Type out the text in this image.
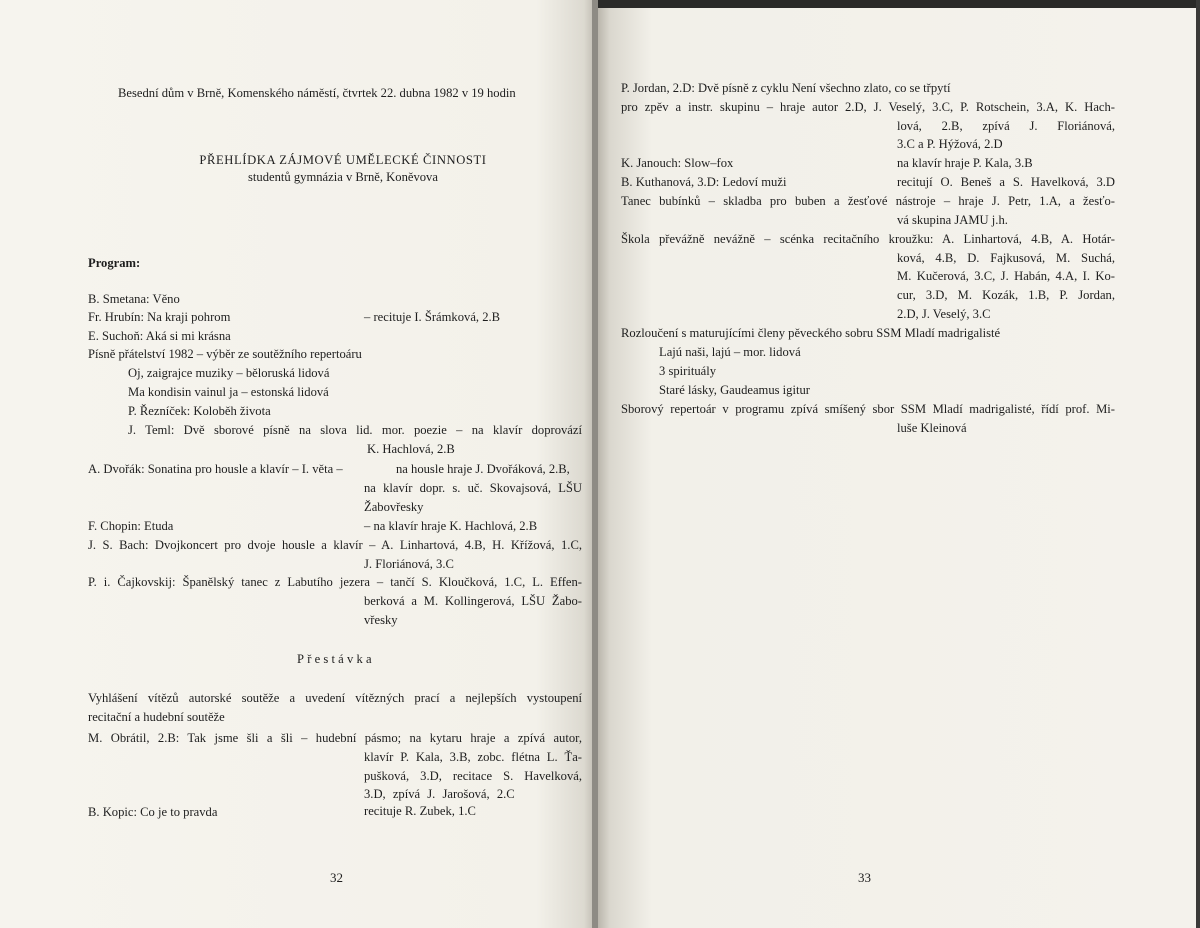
Besední dům v Brně, Komenského náměstí, čtvrtek 22. dubna 1982 v 19 hodin
PŘEHLÍDKA ZÁJMOVÉ UMĚLECKÉ ČINNOSTI
studentů gymnázia v Brně, Koněvova
Program:
B. Smetana: Věno
Fr. Hrubín: Na kraji pohrom	– recituje I. Šrámková, 2.B
E. Suchoň: Aká si mi krásna
Písně přátelství 1982 – výběr ze soutěžního repertoáru
Oj, zaigrajce muziky – běloruská lidová
Ma kondisin vainul ja – estonská lidová
P. Řezníček: Koloběh života
J. Teml: Dvě sborové písně na slova lid. mor. poezie – na klavír doprovází
K. Hachlová, 2.B
A. Dvořák: Sonatina pro housle a klavír – I. věta –	na housle hraje J. Dvořáková, 2.B,
na klavír dopr. s. uč. Skovajsová, LŠU
Žabovřesky
F. Chopin: Etuda	– na klavír hraje K. Hachlová, 2.B
J. S. Bach: Dvojkoncert pro dvoje housle a klavír – A. Linhartová, 4.B, H. Křížová, 1.C,
J. Floriánová, 3.C
P. i. Čajkovskij: Španělský tanec z Labutího jezera – tančí S. Kloučková, 1.C, L. Effen-
berková a M. Kollingerová, LŠU Žabo-
vřesky
Přestávka
Vyhlášení vítězů autorské soutěže a uvedení vítězných prací a nejlepších vystoupení
recitační a hudební soutěže
M. Obrátil, 2.B: Tak jsme šli a šli – hudební pásmo; na kytaru hraje a zpívá autor,
klavír P. Kala, 3.B, zobc. flétna L. Ťa-
pušková, 3.D, recitace S. Havelková,
3.D, zpívá J. Jarošová, 2.C
B. Kopic: Co je to pravda	recituje R. Zubek, 1.C
32
P. Jordan, 2.D: Dvě písně z cyklu Není všechno zlato, co se třpytí
pro zpěv a instr. skupinu – hraje autor 2.D, J. Veselý, 3.C, P. Rotschein, 3.A, K. Hach-
lová, 2.B, zpívá J. Floriánová,
3.C a P. Hýžová, 2.D
K. Janouch: Slow–fox	na klavír hraje P. Kala, 3.B
B. Kuthanová, 3.D: Ledoví muži	recitují O. Beneš a S. Havelková, 3.D
Tanec bubínků – skladba pro buben a žesťové nástroje – hraje J. Petr, 1.A, a žesťo-
vá skupina JAMU j.h.
Škola převážně nevážně – scénka recitačního kroužku: A. Linhartová, 4.B, A. Hotár-
ková, 4.B, D. Fajkusová, M. Suchá,
M. Kučerová, 3.C, J. Habán, 4.A, I. Ko-
cur, 3.D, M. Kozák, 1.B, P. Jordan,
2.D, J. Veselý, 3.C
Rozloučení s maturujícími členy pěveckého sobru SSM Mladí madrigalisté
Lajú naši, lajú – mor. lidová
3 spirituály
Staré lásky, Gaudeamus igitur
Sborový repertoár v programu zpívá smíšený sbor SSM Mladí madrigalisté, řídí prof. Mi-
luše Kleinová
33
